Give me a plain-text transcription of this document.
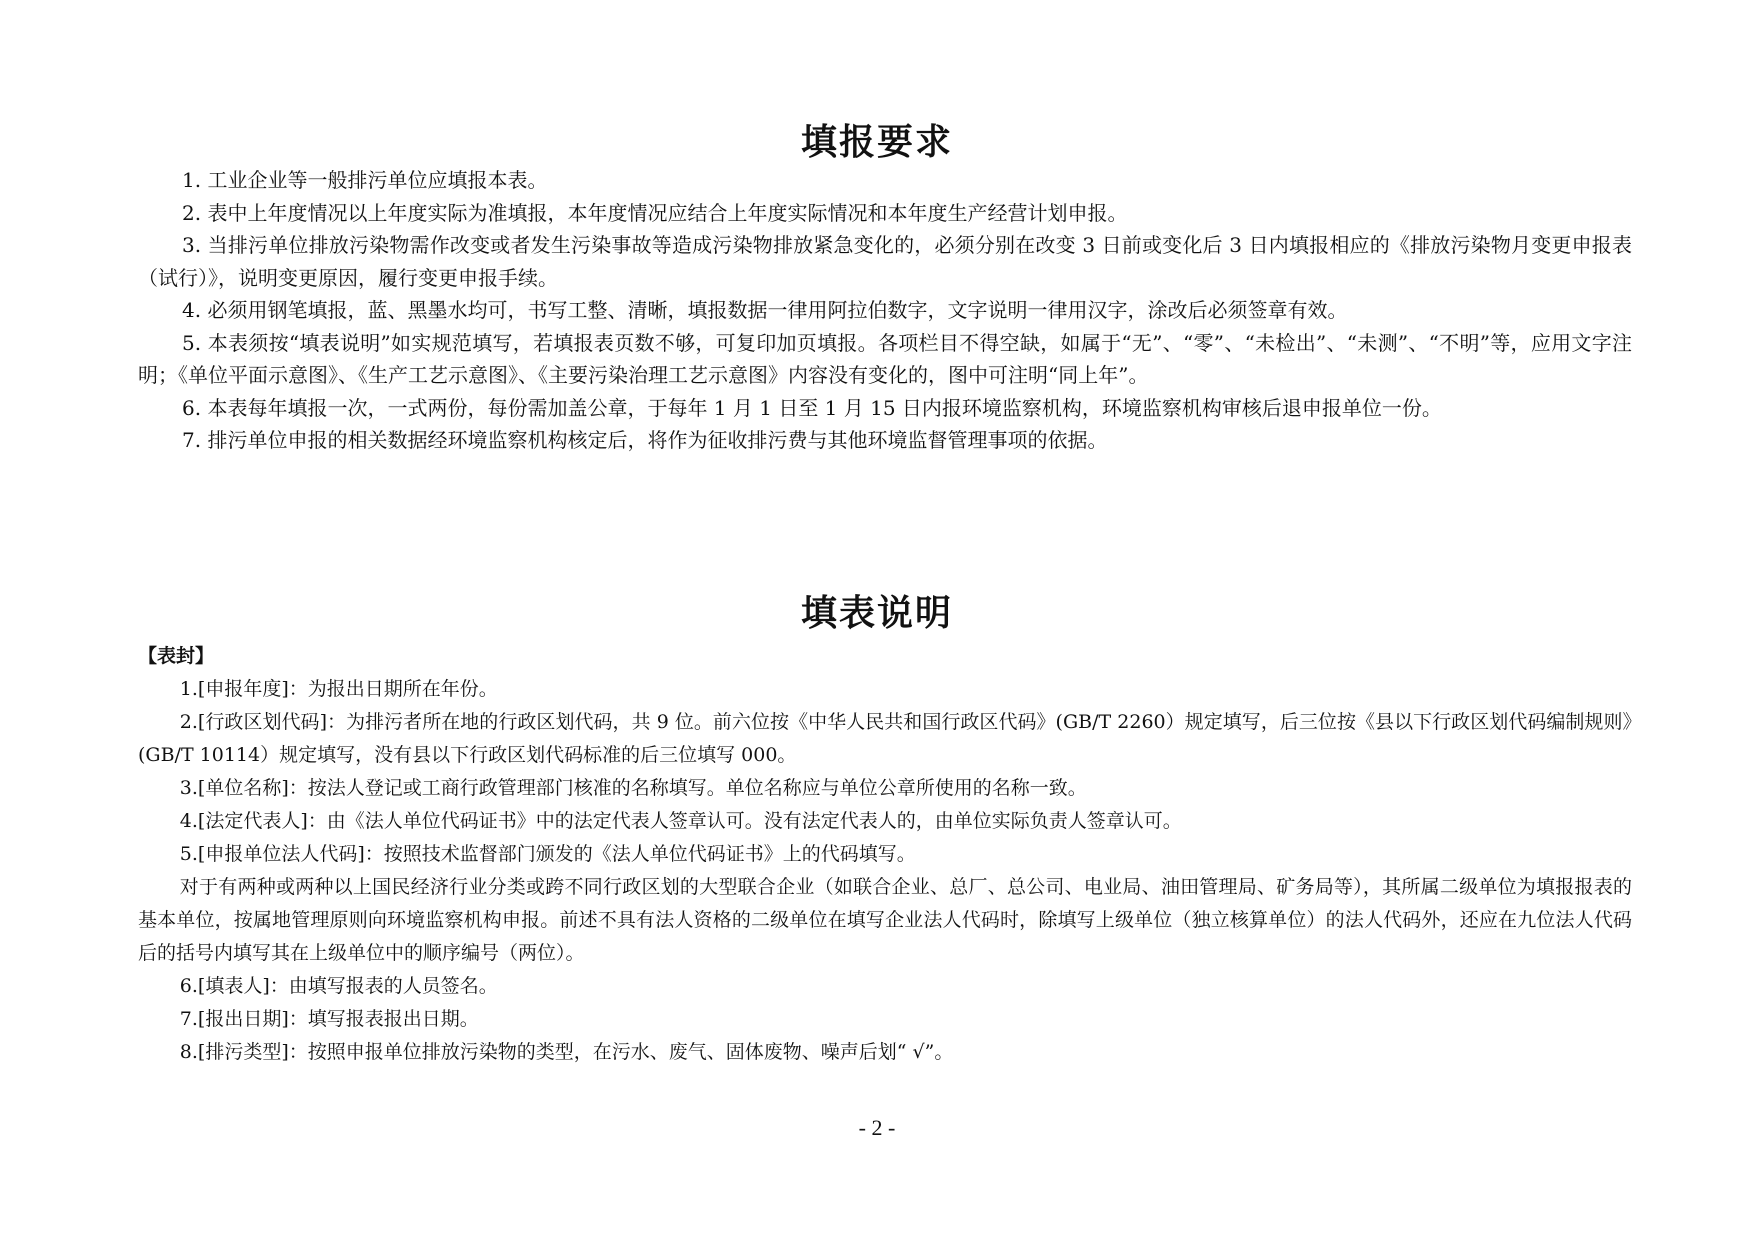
填报要求

1. 工业企业等一般排污单位应填报本表。

2. 表中上年度情况以上年度实际为准填报，本年度情况应结合上年度实际情况和本年度生产经营计划申报。

3. 当排污单位排放污染物需作改变或者发生污染事故等造成污染物排放紧急变化的，必须分别在改变 3 日前或变化后 3 日内填报相应的《排放污染物月变更申报表（试行）》，说明变更原因，履行变更申报手续。

4. 必须用钢笔填报，蓝、黑墨水均可，书写工整、清晰，填报数据一律用阿拉伯数字，文字说明一律用汉字，涂改后必须签章有效。

5. 本表须按“填表说明”如实规范填写，若填报表页数不够，可复印加页填报。各项栏目不得空缺，如属于“无”、“零”、“未检出”、“未测”、“不明”等，应用文字注明；《单位平面示意图》、《生产工艺示意图》、《主要污染治理工艺示意图》内容没有变化的，图中可注明“同上年”。

6. 本表每年填报一次，一式两份，每份需加盖公章，于每年 1 月 1 日至 1 月 15 日内报环境监察机构，环境监察机构审核后退申报单位一份。

7. 排污单位申报的相关数据经环境监察机构核定后，将作为征收排污费与其他环境监督管理事项的依据。

填表说明

【表封】

1.[申报年度]：为报出日期所在年份。

2.[行政区划代码]：为排污者所在地的行政区划代码，共 9 位。前六位按《中华人民共和国行政区代码》(GB/T 2260）规定填写，后三位按《县以下行政区划代码编制规则》(GB/T 10114）规定填写，没有县以下行政区划代码标准的后三位填写 000。

3.[单位名称]：按法人登记或工商行政管理部门核准的名称填写。单位名称应与单位公章所使用的名称一致。

4.[法定代表人]：由《法人单位代码证书》中的法定代表人签章认可。没有法定代表人的，由单位实际负责人签章认可。

5.[申报单位法人代码]：按照技术监督部门颁发的《法人单位代码证书》上的代码填写。

对于有两种或两种以上国民经济行业分类或跨不同行政区划的大型联合企业（如联合企业、总厂、总公司、电业局、油田管理局、矿务局等），其所属二级单位为填报报表的基本单位，按属地管理原则向环境监察机构申报。前述不具有法人资格的二级单位在填写企业法人代码时，除填写上级单位（独立核算单位）的法人代码外，还应在九位法人代码后的括号内填写其在上级单位中的顺序编号（两位）。

6.[填表人]：由填写报表的人员签名。

7.[报出日期]：填写报表报出日期。

8.[排污类型]：按照申报单位排放污染物的类型，在污水、废气、固体废物、噪声后划“ √”。

- 2 -
